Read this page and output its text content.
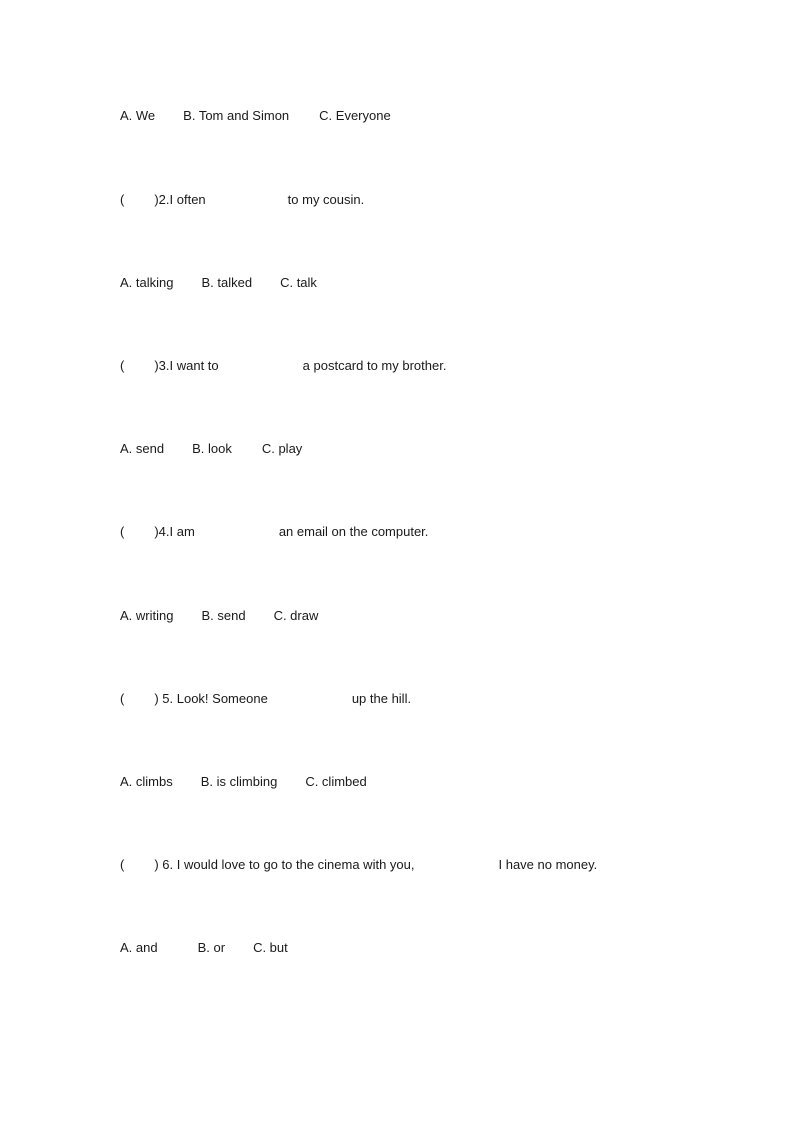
A. We B. Tom and Simon C. Everyone
( )2.I often	to my cousin.
A. talking B. talked C. talk
( )3.I want to	a postcard to my brother.
A. send B. look C. play
( )4.I am	an email on the computer.
A. writing B. send C. draw
( ) 5. Look! Someone	up the hill.
A. climbs B. is climbing C. climbed
( ) 6. I would love to go to the cinema with you,	I have no money.
A. and	B. or C. but
